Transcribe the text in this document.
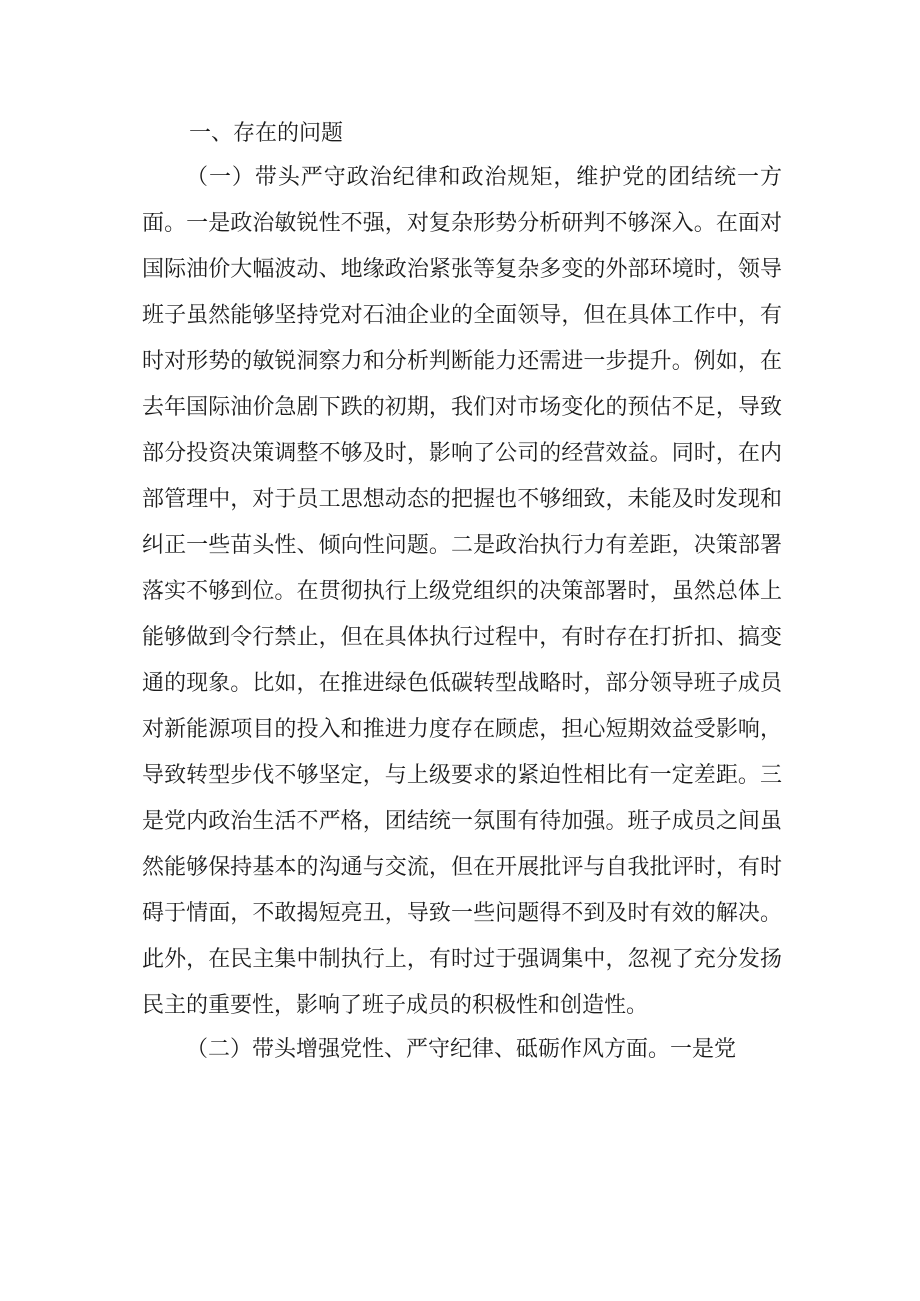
一、存在的问题

（一）带头严守政治纪律和政治规矩，维护党的团结统一方面。一是政治敏锐性不强，对复杂形势分析研判不够深入。在面对国际油价大幅波动、地缘政治紧张等复杂多变的外部环境时，领导班子虽然能够坚持党对石油企业的全面领导，但在具体工作中，有时对形势的敏锐洞察力和分析判断能力还需进一步提升。例如，在去年国际油价急剧下跌的初期，我们对市场变化的预估不足，导致部分投资决策调整不够及时，影响了公司的经营效益。同时，在内部管理中，对于员工思想动态的把握也不够细致，未能及时发现和纠正一些苗头性、倾向性问题。二是政治执行力有差距，决策部署落实不够到位。在贯彻执行上级党组织的决策部署时，虽然总体上能够做到令行禁止，但在具体执行过程中，有时存在打折扣、搞变通的现象。比如，在推进绿色低碳转型战略时，部分领导班子成员对新能源项目的投入和推进力度存在顾虑，担心短期效益受影响，导致转型步伐不够坚定，与上级要求的紧迫性相比有一定差距。三是党内政治生活不严格，团结统一氛围有待加强。班子成员之间虽然能够保持基本的沟通与交流，但在开展批评与自我批评时，有时碍于情面，不敢揭短亮丑，导致一些问题得不到及时有效的解决。此外，在民主集中制执行上，有时过于强调集中，忽视了充分发扬民主的重要性，影响了班子成员的积极性和创造性。

（二）带头增强党性、严守纪律、砥砺作风方面。一是党
